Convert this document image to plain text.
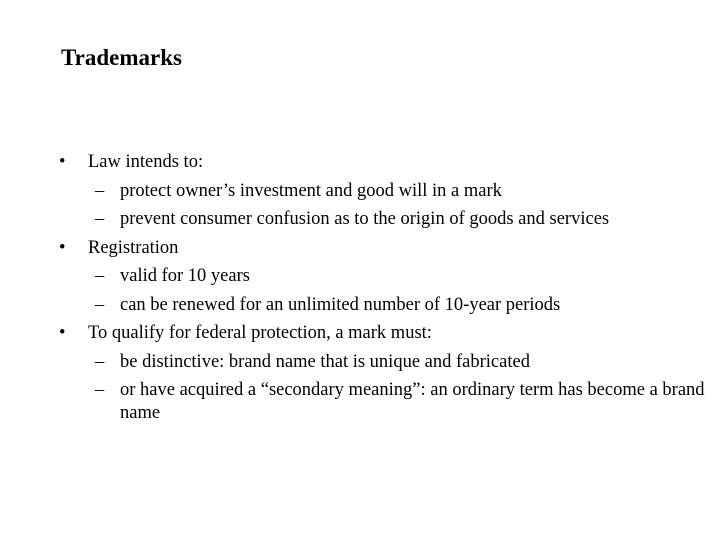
Trademarks
• Law intends to:
– protect owner’s investment and good will in a mark
– prevent consumer confusion as to the origin of goods and services
• Registration
– valid for 10 years
– can be renewed for an unlimited number of 10-year periods
• To qualify for federal protection, a mark must:
– be distinctive: brand name that is unique and fabricated
– or have acquired a “secondary meaning”: an ordinary term has become a brand name
